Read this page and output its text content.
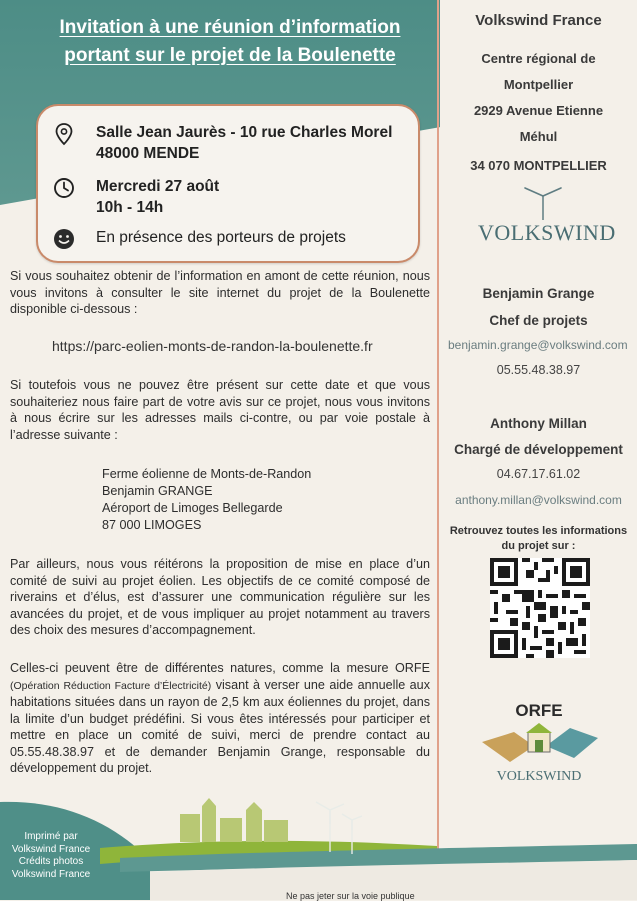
Invitation à une réunion d’information
portant sur le projet de la Boulenette
Salle Jean Jaurès - 10 rue Charles Morel
48000 MENDE
Mercredi 27 août
10h - 14h
En présence des porteurs de projets
Si vous souhaitez obtenir de l’information en amont de cette réunion, nous vous invitons à consulter le site internet du projet de la Boulenette disponible ci-dessous :
https://parc-eolien-monts-de-randon-la-boulenette.fr
Si toutefois vous ne pouvez être présent sur cette date et que vous souhaiteriez nous faire part de votre avis sur ce projet, nous vous invitons à nous écrire sur les adresses mails ci-contre, ou par voie postale à l’adresse suivante :
Ferme éolienne de Monts-de-Randon
Benjamin GRANGE
Aéroport de Limoges Bellegarde
87 000 LIMOGES
Par ailleurs, nous vous réitérons la proposition de mise en place d’un comité de suivi au projet éolien. Les objectifs de ce comité composé de riverains et d’élus, est d’assurer une communication régulière sur les avancées du projet, et de vous impliquer au projet notamment au travers des choix des mesures d’accompagnement.
Celles-ci peuvent être de différentes natures, comme la mesure ORFE (Opération Réduction Facture d’Électricité) visant à verser une aide annuelle aux habitations situées dans un rayon de 2,5 km aux éoliennes du projet, dans la limite d’un budget prédéfini. Si vous êtes intéressés pour participer et mettre en place un comité de suivi, merci de prendre contact au 05.55.48.38.97 et de demander Benjamin Grange, responsable du développement du projet.
Volkswind France
Centre régional de
Montpellier
2929 Avenue Etienne
Méhul
34 070 MONTPELLIER
VOLKSWIND
Benjamin Grange
Chef de projets
benjamin.grange@volkswind.com
05.55.48.38.97
Anthony Millan
Chargé de développement
04.67.17.61.02
anthony.millan@volkswind.com
Retrouvez toutes les informations
du projet sur :
ORFE
VOLKSWIND
Imprimé par
Volkswind France
Crédits photos
Volkswind France
Ne pas jeter sur la voie publique
